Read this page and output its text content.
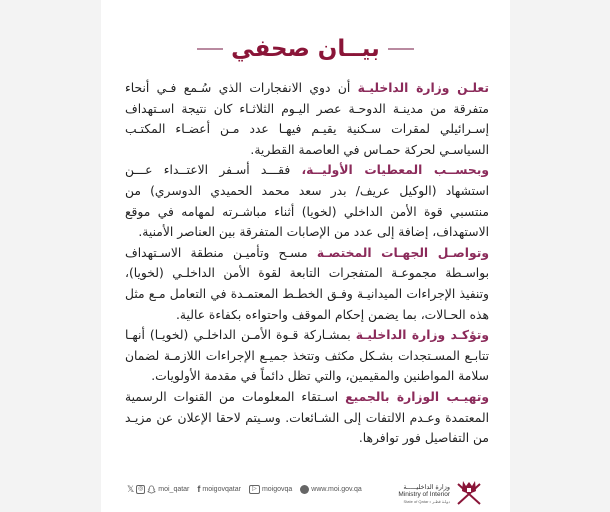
بيــان صحفي

تعلـن وزارة الداخليـة أن دوي الانفجارات الذي سُـمع فـي أنحاء متفرقة من مدينـة الدوحـة عصر اليـوم الثلاثـاء كان نتيجة اسـتهداف إسـرائيلي لمقرات سـكنية يقيـم فيهـا عدد مـن أعضـاء المكتـب السياسـي لحركة حمـاس في العاصمة القطرية.

وبحســب المعطيات الأوليــة، فقـــد أسـفر الاعتــداء عـــن استشهاد (الوكيل عريف/ بدر سعد محمد الحميدي الدوسري) من منتسبي قوة الأمن الداخلي (لخويا) أثناء مباشـرته لمهامه في موقع الاستهداف، إضافة إلى عدد من الإصابات المتفرقة بين العناصر الأمنية.

وتواصـل الجهـات المختصـة مسـح وتأميـن منطقة الاسـتهداف بواسـطة مجموعـة المتفجرات التابعة لقوة الأمن الداخلـي (لخويا)، وتنفيذ الإجراءات الميدانيـة وفـق الخطـط المعتمـدة في التعامل مـع مثل هذه الحـالات، بما يضمن إحكام الموقف واحتواءه بكفاءة عالية.

وتؤكـد وزارة الداخليـة بمشـاركة قـوة الأمـن الداخلـي (لخويـا) أنهـا تتابـع المسـتجدات بشـكل مكثف وتتخذ جميـع الإجراءات اللازمـة لضمان سلامة المواطنين والمقيمين، والتي تظل دائماً في مقدمة الأولويات.

وتهيـب الوزارة بالجميع اسـتقاء المعلومات من القنوات الرسمية المعتمدة وعـدم الالتفات إلى الشـائعات. وسـيتم لاحقا الإعلان عن مزيـد من التفاصيل فور توافرها.

𝕏 ◎ moi_qatar f moigovqatar	▷ moigovqa	www.moi.gov.qa	وزارة الداخليـــــة
Ministry of Interior
State of Qatar • دولـة قطـر
